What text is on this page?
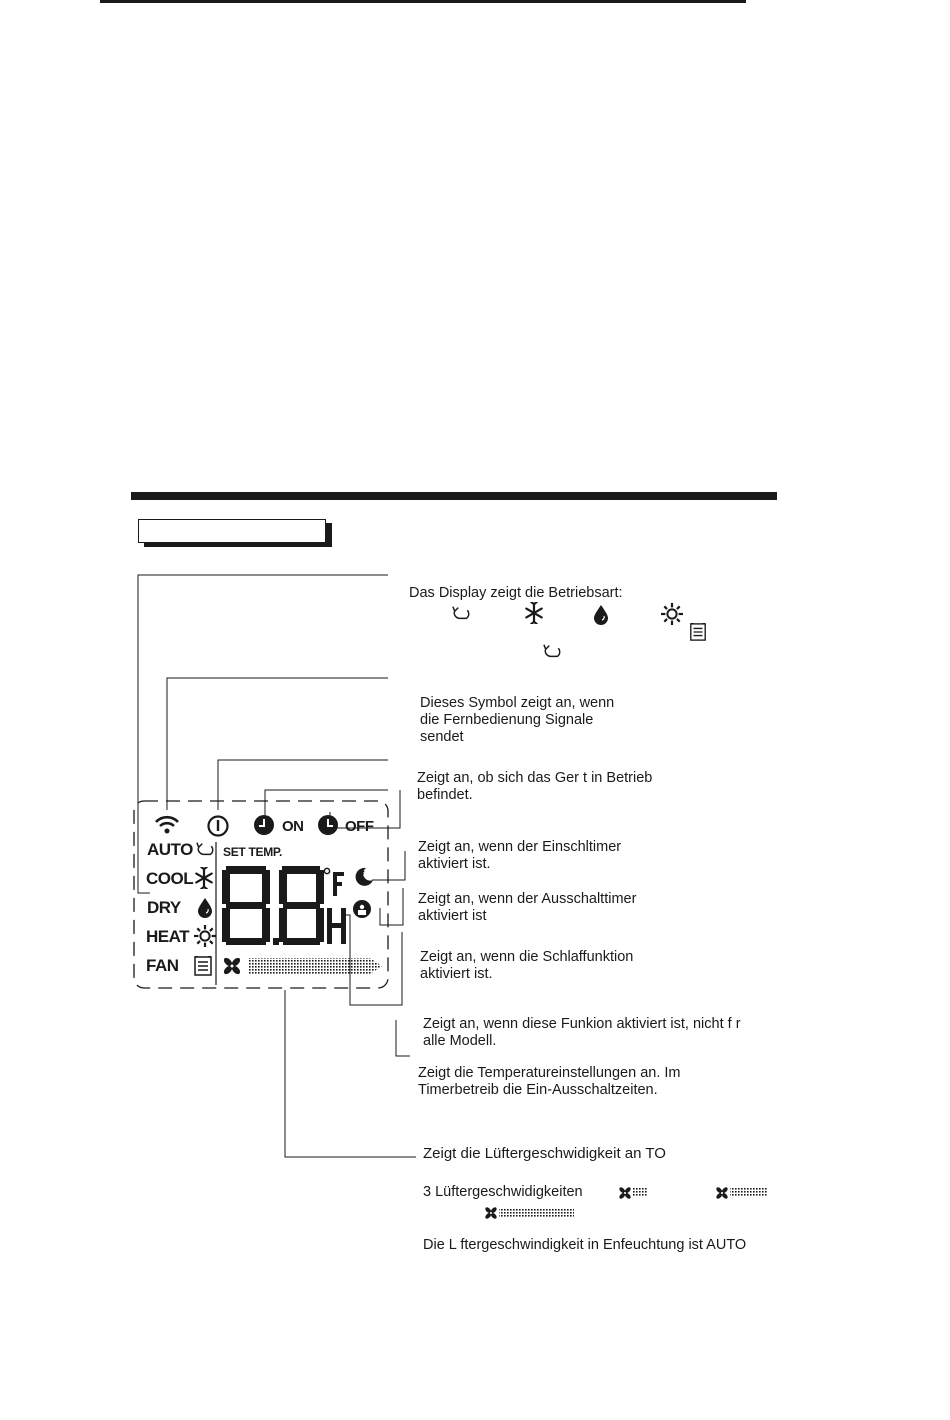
AUTO
COOL
DRY
HEAT
FAN
ON	OFF
SET TEMP.
Das Display zeigt die Betriebsart:
Dieses Symbol zeigt an, wenn
die Fernbedienung Signale
sendet
Zeigt an, ob sich das Ger t in Betrieb
befindet.
Zeigt an, wenn der Einschltimer
aktiviert ist.
Zeigt an, wenn der Ausschalttimer
aktiviert ist
Zeigt an, wenn die Schlaffunktion
aktiviert ist.
Zeigt an, wenn diese Funkion aktiviert ist, nicht f r
alle Modell.
Zeigt die Temperatureinstellungen an. Im
Timerbetreib die Ein-Ausschaltzeiten.
Zeigt die Lüftergeschwidigkeit an TO
3 Lüftergeschwidigkeiten
Die L ftergeschwindigkeit in Enfeuchtung ist AUTO
